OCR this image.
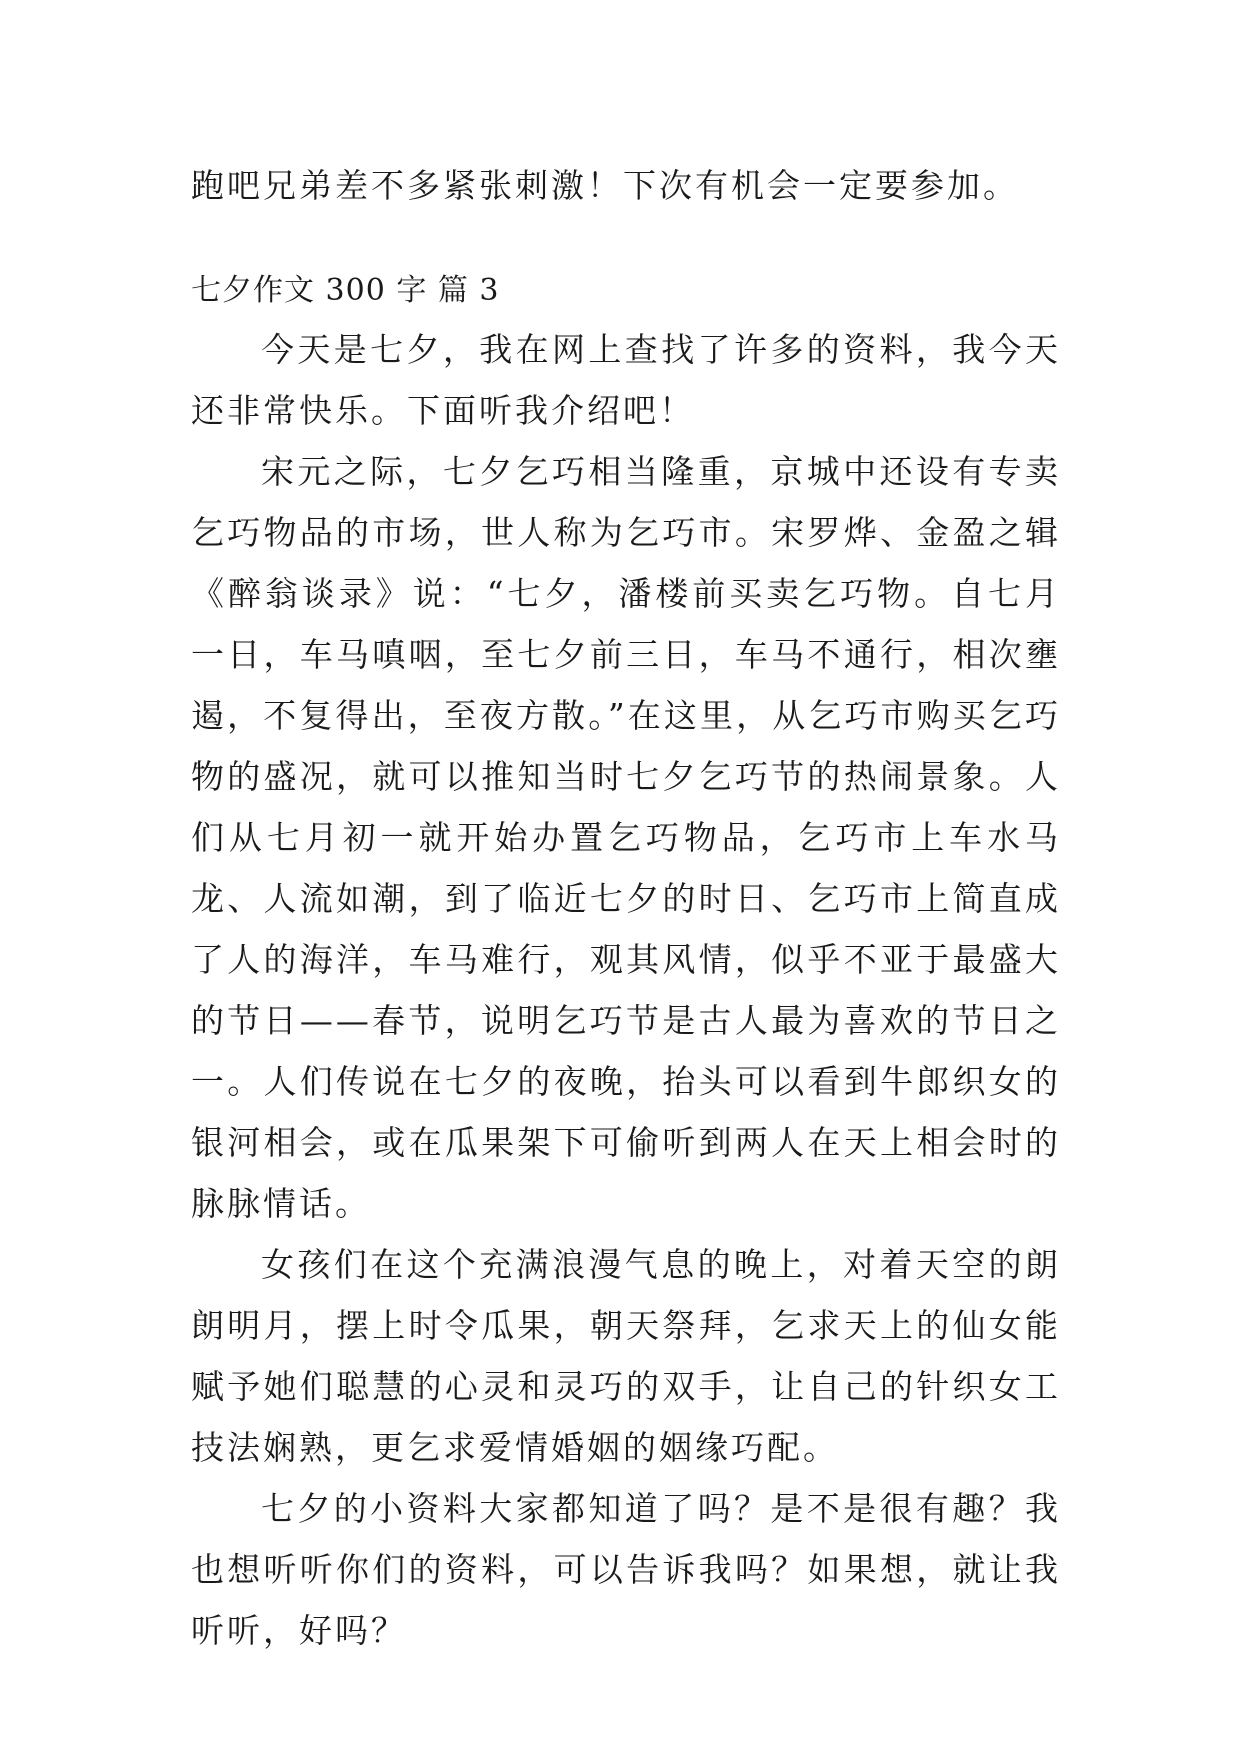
跑吧兄弟差不多紧张刺激！下次有机会一定要参加。

七夕作文 300 字 篇 3

今天是七夕，我在网上查找了许多的资料，我今天还非常快乐。下面听我介绍吧！

宋元之际，七夕乞巧相当隆重，京城中还设有专卖乞巧物品的市场，世人称为乞巧市。宋罗烨、金盈之辑《醉翁谈录》说：“七夕，潘楼前买卖乞巧物。自七月一日，车马嗔咽，至七夕前三日，车马不通行，相次壅遏，不复得出，至夜方散。”在这里，从乞巧市购买乞巧物的盛况，就可以推知当时七夕乞巧节的热闹景象。人们从七月初一就开始办置乞巧物品，乞巧市上车水马龙、人流如潮，到了临近七夕的时日、乞巧市上简直成了人的海洋，车马难行，观其风情，似乎不亚于最盛大的节日——春节，说明乞巧节是古人最为喜欢的节日之一。人们传说在七夕的夜晚，抬头可以看到牛郎织女的银河相会，或在瓜果架下可偷听到两人在天上相会时的脉脉情话。

女孩们在这个充满浪漫气息的晚上，对着天空的朗朗明月，摆上时令瓜果，朝天祭拜，乞求天上的仙女能赋予她们聪慧的心灵和灵巧的双手，让自己的针织女工技法娴熟，更乞求爱情婚姻的姻缘巧配。

七夕的小资料大家都知道了吗？是不是很有趣？我也想听听你们的资料，可以告诉我吗？如果想，就让我听听，好吗？
